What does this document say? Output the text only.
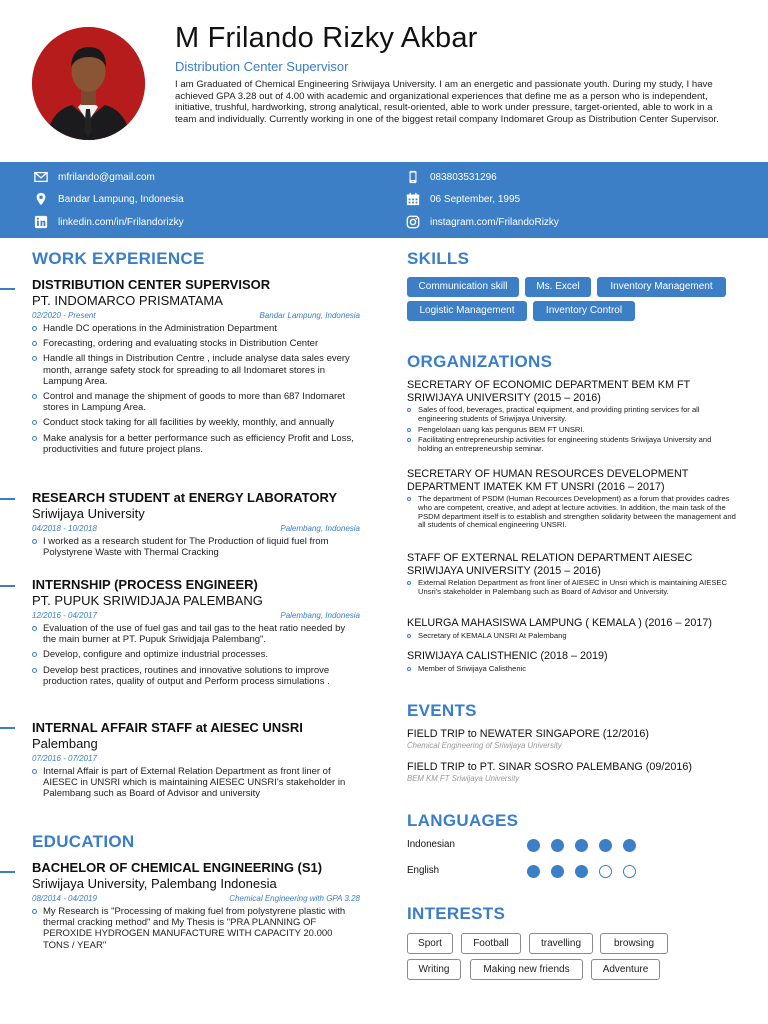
M Frilando Rizky Akbar
Distribution Center Supervisor
I am Graduated of Chemical Engineering Sriwijaya University. I am an energetic and passionate youth. During my study, I have achieved GPA 3.28 out of 4.00 with academic and organizational experiences that define me as a person who is independent, initiative, trushful, hardworking, strong analytical, result-oriented, able to work under pressure, target-oriented, able to work in a team and individually. Currently working in one of the biggest retail company Indomaret Group as Distribution Center Supervisor.
mfrilando@gmail.com
Bandar Lampung, Indonesia
linkedin.com/in/Frilandorizky
083803531296
06 September, 1995
instagram.com/FrilandoRizky
WORK EXPERIENCE
DISTRIBUTION CENTER SUPERVISOR
PT. INDOMARCO PRISMATAMA
02/2020 - Present	Bandar Lampung, Indonesia
Handle DC operations in the Administration Department
Forecasting, ordering and evaluating stocks in Distribution Center
Handle all things in Distribution Centre , include analyse data sales every month, arrange safety stock for spreading to all Indomaret stores in Lampung Area.
Control and manage the shipment of goods to more than 687 Indomaret stores in Lampung Area.
Conduct stock taking for all facilities by weekly, monthly, and annually
Make analysis for a better performance such as efficiency Profit and Loss, productivities and future project plans.
RESEARCH STUDENT at ENERGY LABORATORY
Sriwijaya University
04/2018 - 10/2018	Palembang, Indonesia
I worked as a research student for The Production of liquid fuel from Polystyrene Waste with Thermal Cracking
INTERNSHIP (PROCESS ENGINEER)
PT. PUPUK SRIWIDJAJA PALEMBANG
12/2016 - 04/2017	Palembang, Indonesia
Evaluation of the use of fuel gas and tail gas to the heat ratio needed by the main burner at PT. Pupuk Sriwidjaja Palembang".
Develop, configure and optimize industrial processes.
Develop best practices, routines and innovative solutions to improve production rates, quality of output and Perform process simulations .
INTERNAL AFFAIR STAFF at AIESEC UNSRI
Palembang
07/2016 - 07/2017
Internal Affair is part of External Relation Department as front liner of AIESEC in UNSRI which is maintaining AIESEC UNSRI's stakeholder in Palembang such as Board of Advisor and university
EDUCATION
BACHELOR OF CHEMICAL ENGINEERING (S1)
Sriwijaya University, Palembang Indonesia
08/2014 - 04/2019	Chemical Engineering with GPA 3.28
My Research is "Processing of making fuel from polystyrene plastic with thermal cracking method" and My Thesis is "PRA PLANNING OF PEROXIDE HYDROGEN MANUFACTURE WITH CAPACITY 20.000 TONS / YEAR"
SKILLS
Communication skill	Ms. Excel	Inventory Management
Logistic Management	Inventory Control
ORGANIZATIONS
SECRETARY OF ECONOMIC DEPARTMENT BEM KM FT SRIWIJAYA UNIVERSITY (2015 – 2016)
Sales of food, beverages, practical equipment, and providing printing services for all engineering students of Sriwijaya University.
Pengelolaan uang kas pengurus BEM FT UNSRI.
Facilitating entrepreneurship activities for engineering students Sriwijaya University and holding an entrepreneurship seminar.
SECRETARY OF HUMAN RESOURCES DEVELOPMENT DEPARTMENT IMATEK KM FT UNSRI (2016 – 2017)
The department of PSDM (Human Recources Development) as a forum that provides cadres who are competent, creative, and adept at lecture activities. In addition, the main task of the PSDM department itself is to establish and strengthen solidarity between the management and all students of chemical engineering UNSRI.
STAFF OF EXTERNAL RELATION DEPARTMENT AIESEC SRIWIJAYA UNIVERSITY (2015 – 2016)
External Relation Department as front liner of AIESEC in Unsri which is maintaining AIESEC Unsri's stakeholder in Palembang such as Board of Advisor and University.
KELURGA MAHASISWA LAMPUNG ( KEMALA ) (2016 – 2017)
Secretary of KEMALA UNSRI At Palembang
SRIWIJAYA CALISTHENIC (2018 – 2019)
Member of Sriwijaya Calisthenic
EVENTS
FIELD TRIP to NEWATER SINGAPORE (12/2016)
Chemical Engineering of Sriwijaya University
FIELD TRIP to PT. SINAR SOSRO PALEMBANG (09/2016)
BEM KM FT Sriwijaya University
LANGUAGES
Indonesian
English
INTERESTS
Sport	Football	travelling	browsing
Writing	Making new friends	Adventure
